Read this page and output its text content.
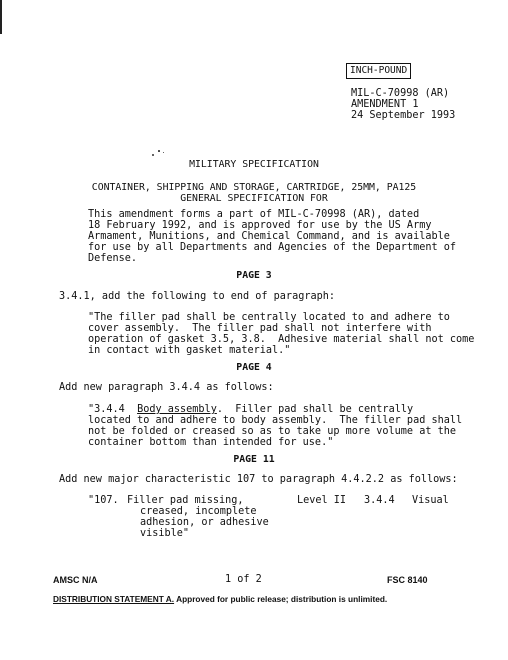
INCH-POUND
MIL-C-70998 (AR)
AMENDMENT 1
24 September 1993
MILITARY SPECIFICATION
CONTAINER, SHIPPING AND STORAGE, CARTRIDGE, 25MM, PA125
GENERAL SPECIFICATION FOR
This amendment forms a part of MIL-C-70998 (AR), dated
18 February 1992, and is approved for use by the US Army
Armament, Munitions, and Chemical Command, and is available
for use by all Departments and Agencies of the Department of
Defense.
PAGE 3
3.4.1, add the following to end of paragraph:
"The filler pad shall be centrally located to and adhere to
cover assembly.  The filler pad shall not interfere with
operation of gasket 3.5, 3.8.  Adhesive material shall not come
in contact with gasket material."
PAGE 4
Add new paragraph 3.4.4 as follows:
"3.4.4 Body assembly.  Filler pad shall be centrally
located to and adhere to body assembly.  The filler pad shall
not be folded or creased so as to take up more volume at the
container bottom than intended for use."
PAGE 11
Add new major characteristic 107 to paragraph 4.4.2.2 as follows:
"107. Filler pad missing,
creased, incomplete
adhesion, or adhesive
visible"
Level II 3.4.4 Visual
AMSC N/A	1 of 2	FSC 8140
DISTRIBUTION STATEMENT A. Approved for public release; distribution is unlimited.
